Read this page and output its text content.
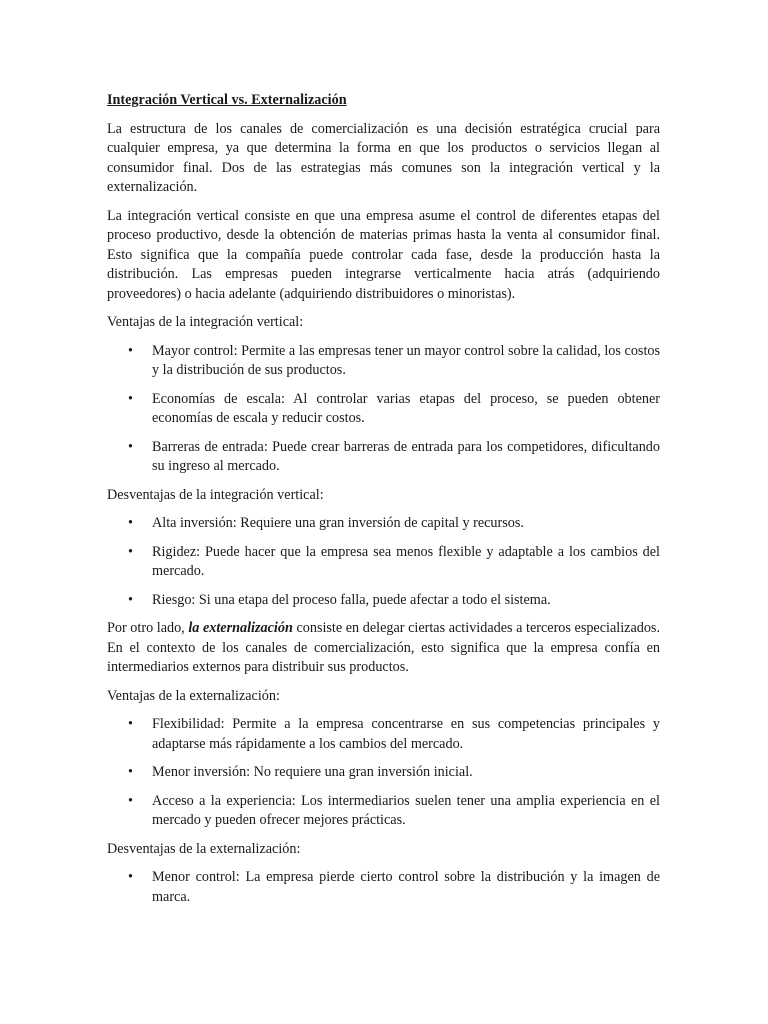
Integración Vertical vs. Externalización

La estructura de los canales de comercialización es una decisión estratégica crucial para cualquier empresa, ya que determina la forma en que los productos o servicios llegan al consumidor final. Dos de las estrategias más comunes son la integración vertical y la externalización.

La integración vertical consiste en que una empresa asume el control de diferentes etapas del proceso productivo, desde la obtención de materias primas hasta la venta al consumidor final. Esto significa que la compañía puede controlar cada fase, desde la producción hasta la distribución. Las empresas pueden integrarse verticalmente hacia atrás (adquiriendo proveedores) o hacia adelante (adquiriendo distribuidores o minoristas).

Ventajas de la integración vertical:

• Mayor control: Permite a las empresas tener un mayor control sobre la calidad, los costos y la distribución de sus productos.
• Economías de escala: Al controlar varias etapas del proceso, se pueden obtener economías de escala y reducir costos.
• Barreras de entrada: Puede crear barreras de entrada para los competidores, dificultando su ingreso al mercado.

Desventajas de la integración vertical:

• Alta inversión: Requiere una gran inversión de capital y recursos.
• Rigidez: Puede hacer que la empresa sea menos flexible y adaptable a los cambios del mercado.
• Riesgo: Si una etapa del proceso falla, puede afectar a todo el sistema.

Por otro lado, la externalización consiste en delegar ciertas actividades a terceros especializados. En el contexto de los canales de comercialización, esto significa que la empresa confía en intermediarios externos para distribuir sus productos.

Ventajas de la externalización:

• Flexibilidad: Permite a la empresa concentrarse en sus competencias principales y adaptarse más rápidamente a los cambios del mercado.
• Menor inversión: No requiere una gran inversión inicial.
• Acceso a la experiencia: Los intermediarios suelen tener una amplia experiencia en el mercado y pueden ofrecer mejores prácticas.

Desventajas de la externalización:

• Menor control: La empresa pierde cierto control sobre la distribución y la imagen de marca.
